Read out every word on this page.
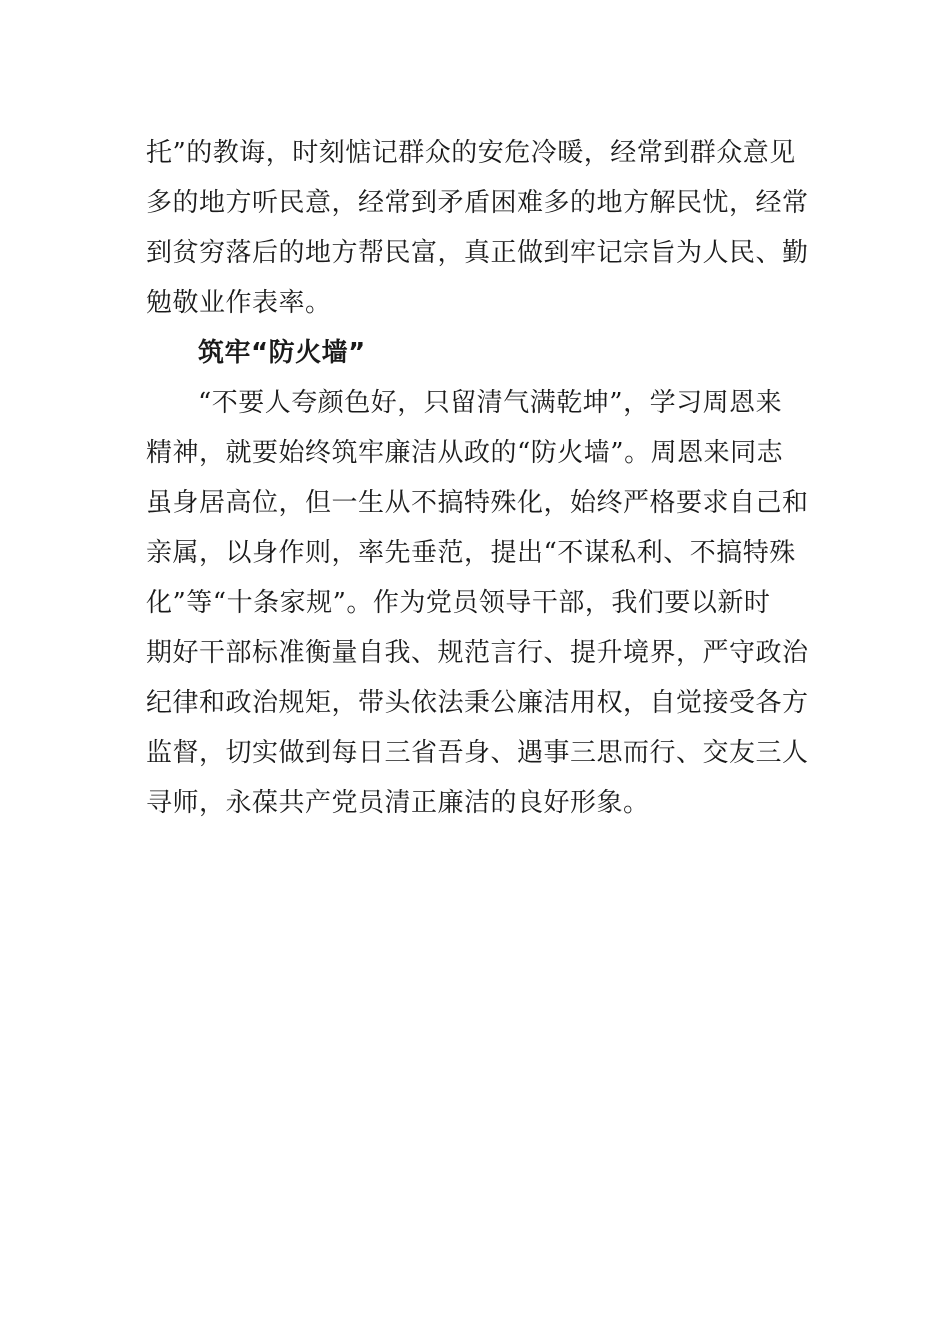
托”的教诲，时刻惦记群众的安危冷暖，经常到群众意见
多的地方听民意，经常到矛盾困难多的地方解民忧，经常
到贫穷落后的地方帮民富，真正做到牢记宗旨为人民、勤
勉敬业作表率。
筑牢“防火墙”
“不要人夸颜色好，只留清气满乾坤”，学习周恩来
精神，就要始终筑牢廉洁从政的“防火墙”。周恩来同志
虽身居高位，但一生从不搞特殊化，始终严格要求自己和
亲属，以身作则，率先垂范，提出“不谋私利、不搞特殊
化”等“十条家规”。作为党员领导干部，我们要以新时
期好干部标准衡量自我、规范言行、提升境界，严守政治
纪律和政治规矩，带头依法秉公廉洁用权，自觉接受各方
监督，切实做到每日三省吾身、遇事三思而行、交友三人
寻师，永葆共产党员清正廉洁的良好形象。
